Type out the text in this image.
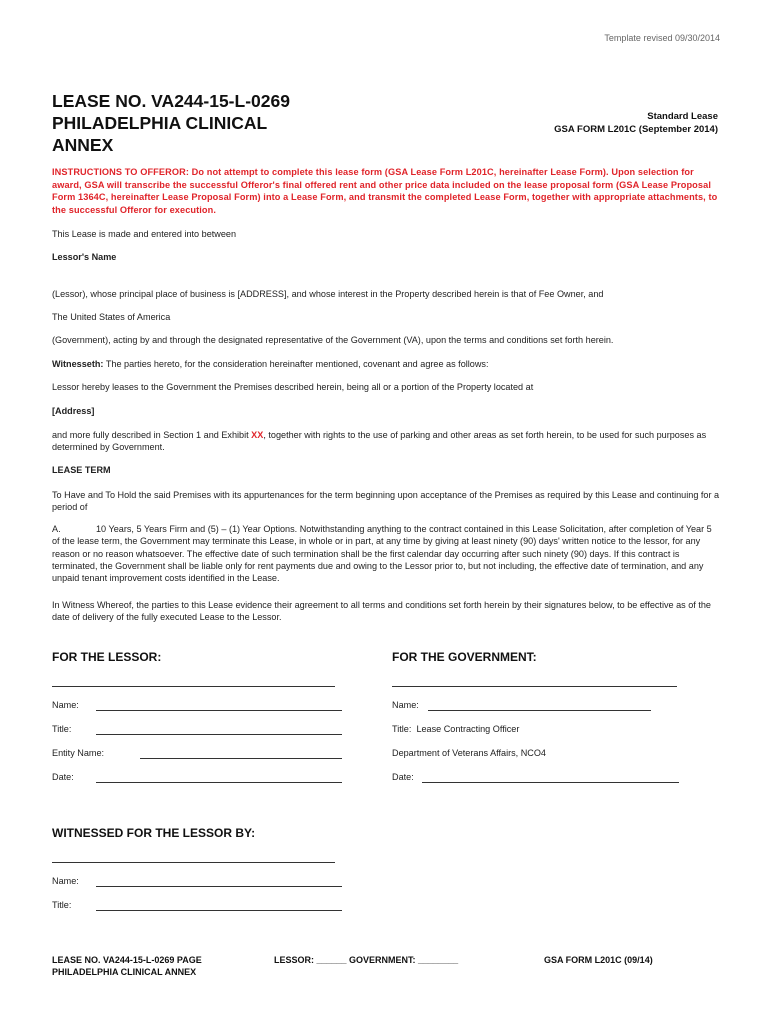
Template revised 09/30/2014
LEASE NO. VA244-15-L-0269
PHILADELPHIA CLINICAL
ANNEX
Standard Lease
GSA FORM L201C (September 2014)
INSTRUCTIONS TO OFFEROR: Do not attempt to complete this lease form (GSA Lease Form L201C, hereinafter Lease Form). Upon selection for award, GSA will transcribe the successful Offeror's final offered rent and other price data included on the lease proposal form (GSA Lease Proposal Form 1364C, hereinafter Lease Proposal Form) into a Lease Form, and transmit the completed Lease Form, together with appropriate attachments, to the successful Offeror for execution.
This Lease is made and entered into between
Lessor's Name
(Lessor), whose principal place of business is [ADDRESS], and whose interest in the Property described herein is that of Fee Owner, and
The United States of America
(Government), acting by and through the designated representative of the Government (VA), upon the terms and conditions set forth herein.
Witnesseth: The parties hereto, for the consideration hereinafter mentioned, covenant and agree as follows:
Lessor hereby leases to the Government the Premises described herein, being all or a portion of the Property located at
[Address]
and more fully described in Section 1 and Exhibit XX, together with rights to the use of parking and other areas as set forth herein, to be used for such purposes as determined by Government.
LEASE TERM
To Have and To Hold the said Premises with its appurtenances for the term beginning upon acceptance of the Premises as required by this Lease and continuing for a period of
A.	10 Years, 5 Years Firm and (5) – (1) Year Options. Notwithstanding anything to the contract contained in this Lease Solicitation, after completion of Year 5 of the lease term, the Government may terminate this Lease, in whole or in part, at any time by giving at least ninety (90) days' written notice to the lessor, for any reason or no reason whatsoever. The effective date of such termination shall be the first calendar day occurring after such ninety (90) days. If this contract is terminated, the Government shall be liable only for rent payments due and owing to the Lessor prior to, but not including, the effective date of termination, and any unpaid tenant improvement costs identified in the Lease.
In Witness Whereof, the parties to this Lease evidence their agreement to all terms and conditions set forth herein by their signatures below, to be effective as of the date of delivery of the fully executed Lease to the Lessor.
FOR THE LESSOR:	FOR THE GOVERNMENT:
Name:	Name:
Title:	Title: Lease Contracting Officer
Entity Name:	Department of Veterans Affairs, NCO4
Date:	Date:
WITNESSED FOR THE LESSOR BY:
Name:
Title:
LEASE NO. VA244-15-L-0269 PAGE
PHILADELPHIA CLINICAL ANNEX
LESSOR: ______ GOVERNMENT: ________	GSA FORM L201C (09/14)
